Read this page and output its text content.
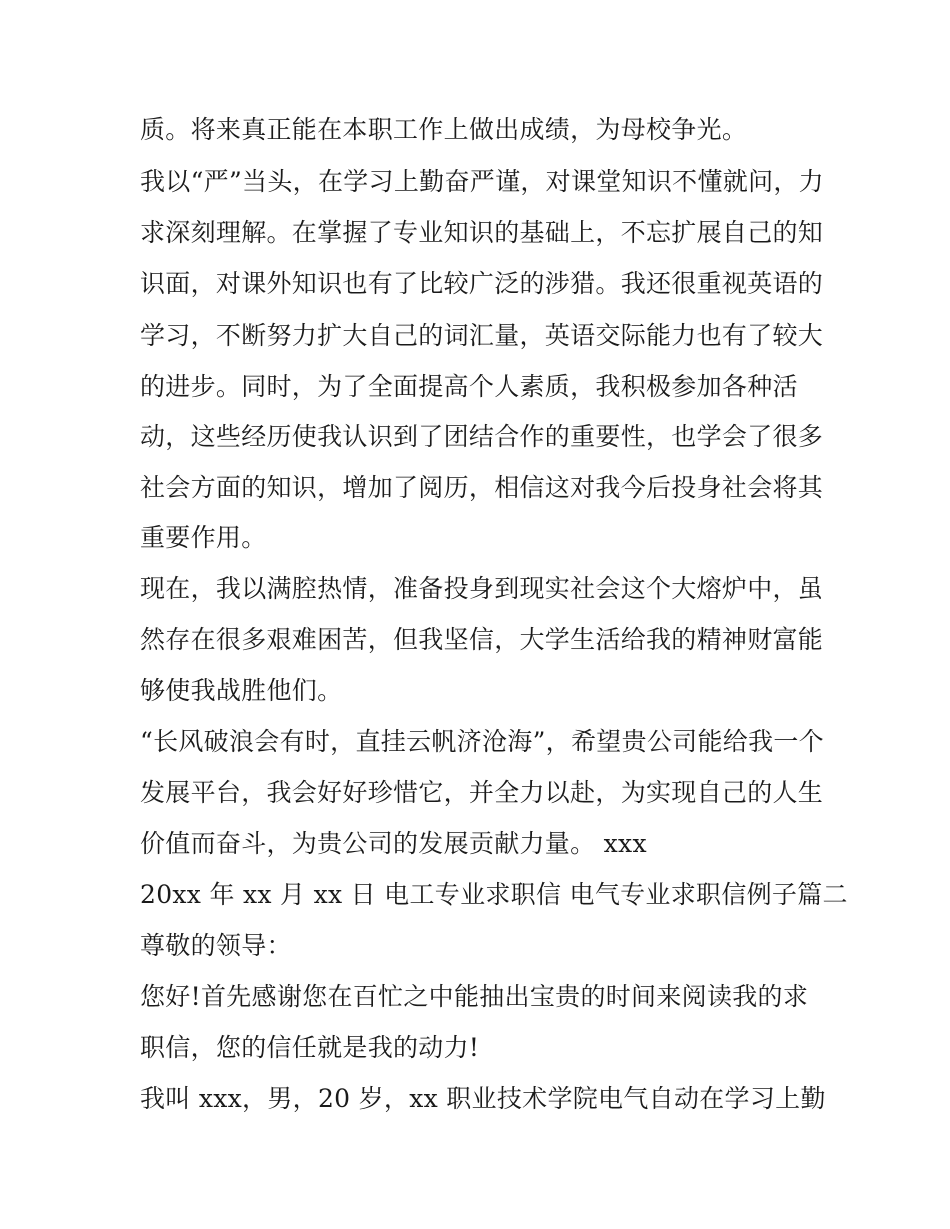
质。将来真正能在本职工作上做出成绩，为母校争光。

我以“严”当头，在学习上勤奋严谨，对课堂知识不懂就问，力

求深刻理解。在掌握了专业知识的基础上，不忘扩展自己的知

识面，对课外知识也有了比较广泛的涉猎。我还很重视英语的

学习，不断努力扩大自己的词汇量，英语交际能力也有了较大

的进步。同时，为了全面提高个人素质，我积极参加各种活

动，这些经历使我认识到了团结合作的重要性，也学会了很多

社会方面的知识，增加了阅历，相信这对我今后投身社会将其

重要作用。

现在，我以满腔热情，准备投身到现实社会这个大熔炉中，虽

然存在很多艰难困苦，但我坚信，大学生活给我的精神财富能

够使我战胜他们。

“长风破浪会有时，直挂云帆济沧海”，希望贵公司能给我一个

发展平台，我会好好珍惜它，并全力以赴，为实现自己的人生

价值而奋斗，为贵公司的发展贡献力量。 xxx

20xx 年 xx 月 xx 日 电工专业求职信 电气专业求职信例子篇二

尊敬的领导：

您好!首先感谢您在百忙之中能抽出宝贵的时间来阅读我的求

职信，您的信任就是我的动力!

我叫 xxx，男，20 岁，xx 职业技术学院电气自动在学习上勤
